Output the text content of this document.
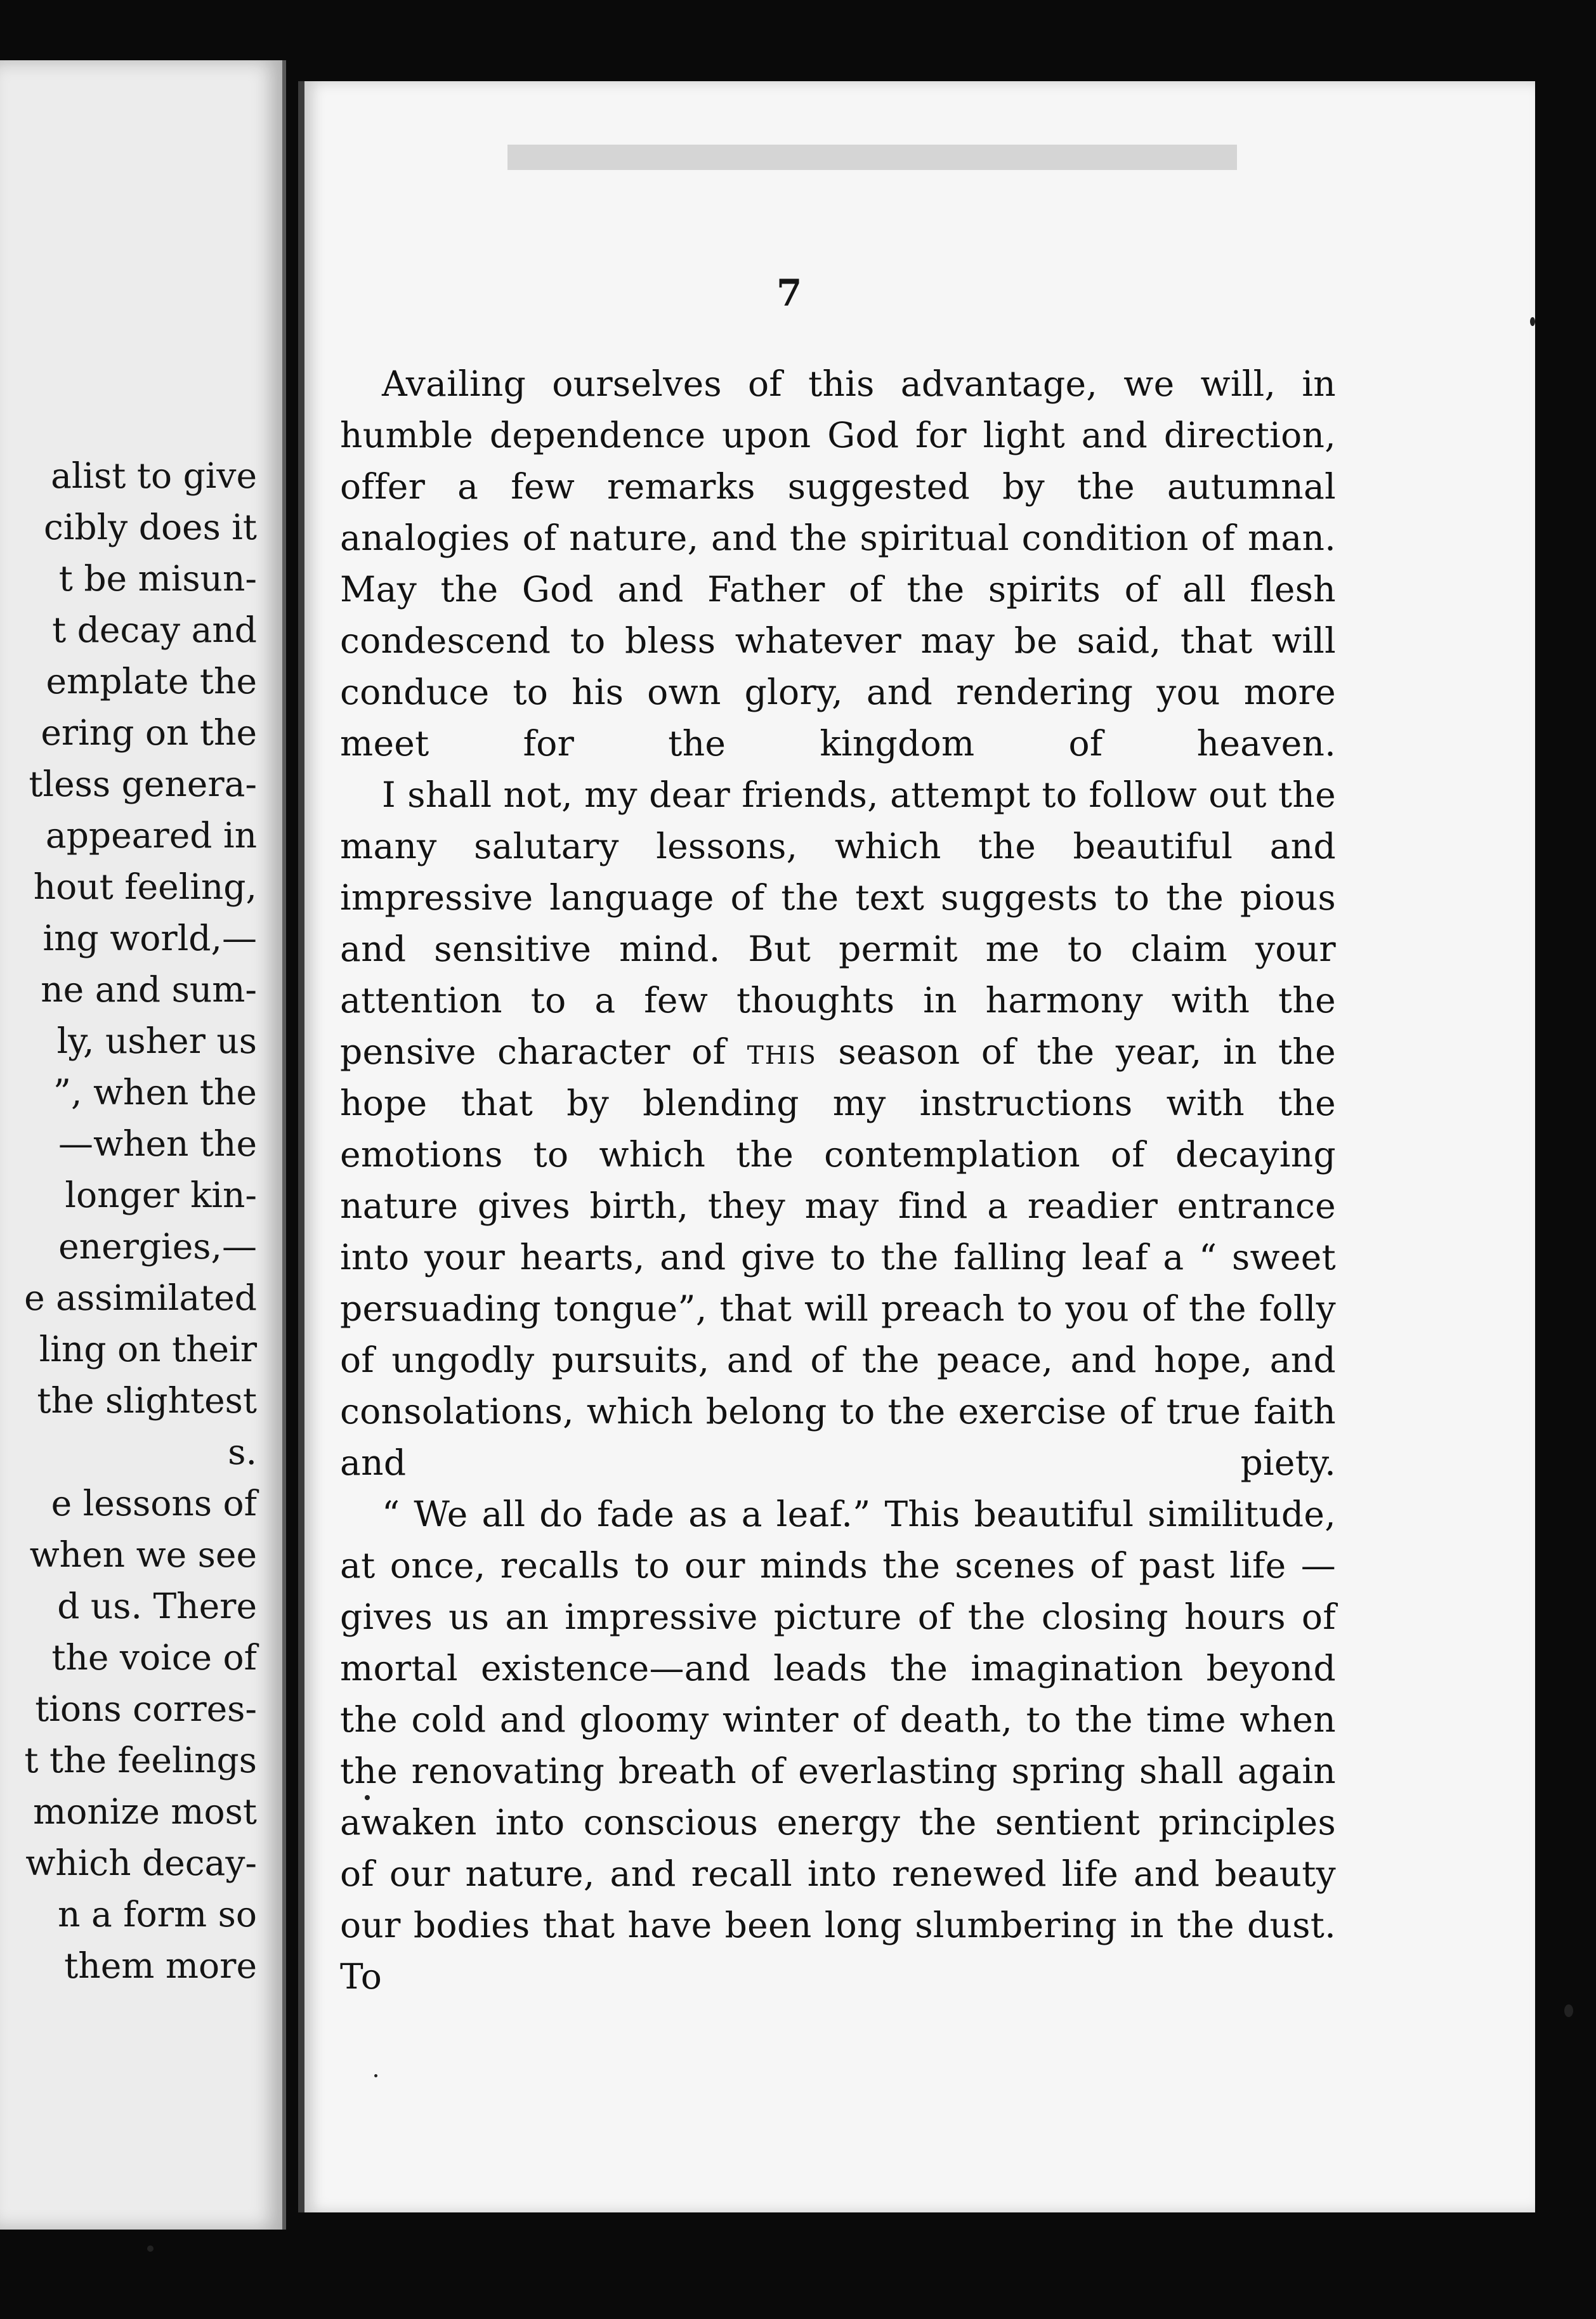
alist to give
cibly does it
t be misun-
t decay and
emplate the
ering on the
tless genera-
appeared in
hout feeling,
ing world,—
ne and sum-
ly, usher us
”, when the
—when the
longer kin-
energies,—
e assimilated
ling on their
the slightest
s.
e lessons of
when we see
d us. There
the voice of
tions corres-
t the feelings
monize most
which decay-
n a form so
them more
7

Availing ourselves of this advantage, we will, in humble dependence upon God for light and direction, offer a few remarks suggested by the autumnal analogies of nature, and the spiritual condition of man. May the God and Father of the spirits of all flesh condescend to bless whatever may be said, that will conduce to his own glory, and rendering you more meet for the kingdom of heaven.

I shall not, my dear friends, attempt to follow out the many salutary lessons, which the beautiful and impressive language of the text suggests to the pious and sensitive mind. But permit me to claim your attention to a few thoughts in harmony with the pensive character of this season of the year, in the hope that by blending my instructions with the emotions to which the contemplation of decaying nature gives birth, they may find a readier entrance into your hearts, and give to the falling leaf a “ sweet persuading tongue”, that will preach to you of the folly of ungodly pursuits, and of the peace, and hope, and consolations, which belong to the exercise of true faith and piety.

“ We all do fade as a leaf.” This beautiful similitude, at once, recalls to our minds the scenes of past life — gives us an impressive picture of the closing hours of mortal existence—and leads the imagination beyond the cold and gloomy winter of death, to the time when the renovating breath of everlasting spring shall again awaken into conscious energy the sentient principles of our nature, and recall into renewed life and beauty our bodies that have been long slumbering in the dust. To
